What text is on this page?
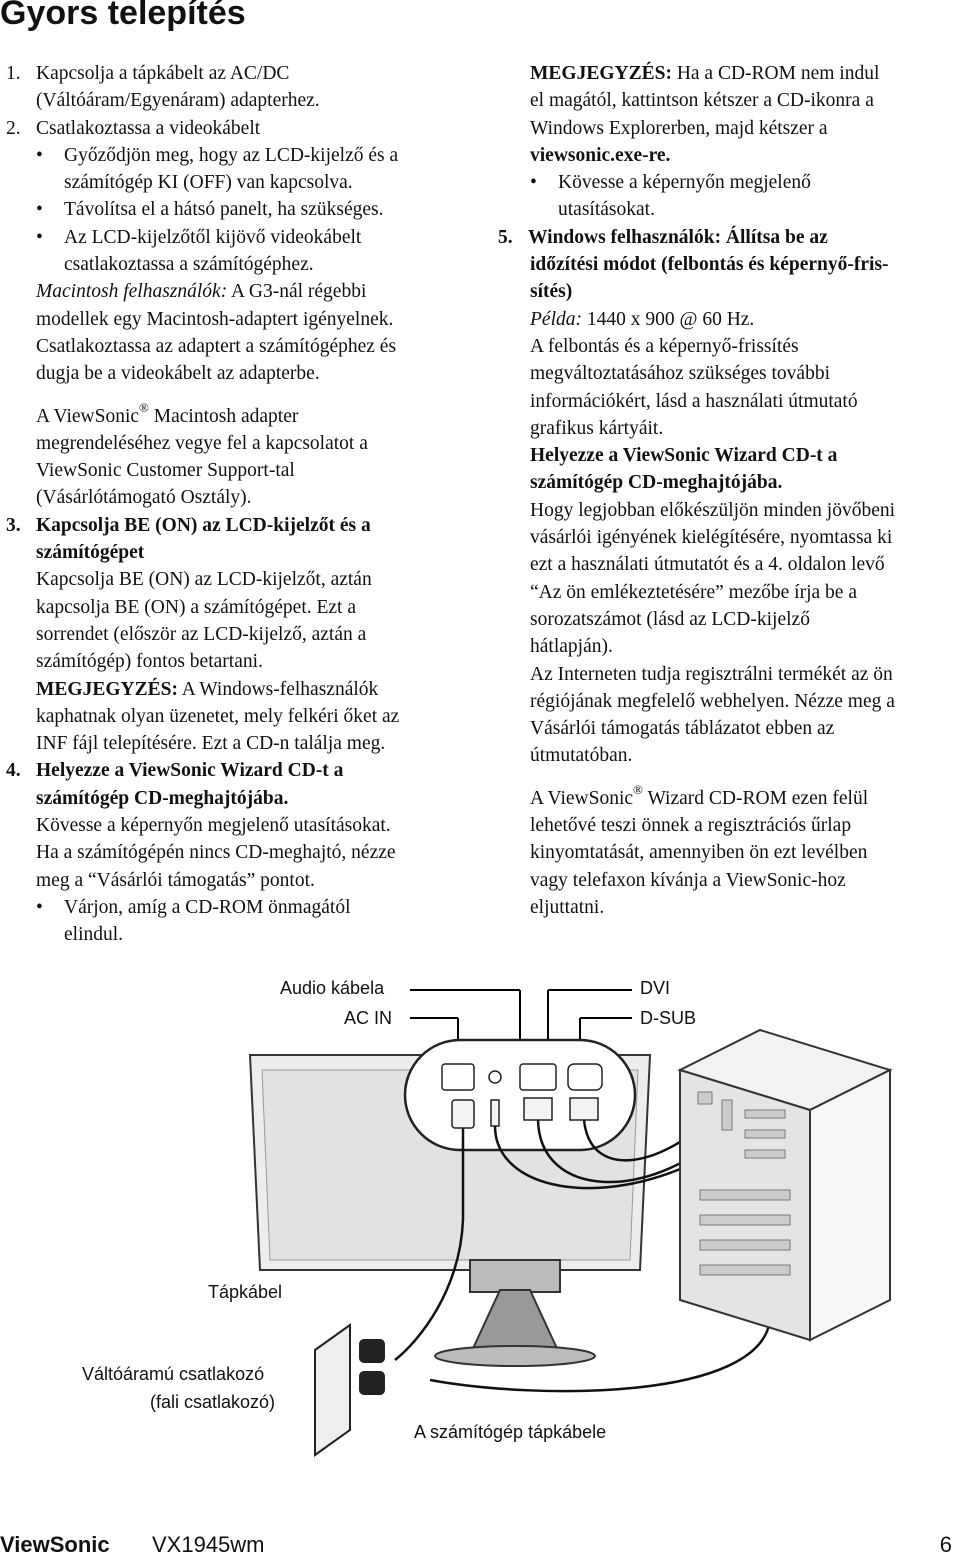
Gyors telepítés

1. Kapcsolja a tápkábelt az AC/DC

(Váltóáram/Egyenáram) adapterhez.

2. Csatlakoztassa a videokábelt

• Győződjön meg, hogy az LCD-kijelző és a
számítógép KI (OFF) van kapcsolva.

• Távolítsa el a hátsó panelt, ha szükséges.

• Az LCD-kijelzőtől kijövő videokábelt
csatlakoztassa a számítógéphez.

Macintosh felhasználók: A G3-nál régebbi
modellek egy Macintosh-adaptert igényelnek.
Csatlakoztassa az adaptert a számítógéphez és
dugja be a videokábelt az adapterbe.

A ViewSonic® Macintosh adapter
megrendeléséhez vegye fel a kapcsolatot a
ViewSonic Customer Support-tal
(Vásárlótámogató Osztály).

3. Kapcsolja BE (ON) az LCD-kijelzőt és a

számítógépet

Kapcsolja BE (ON) az LCD-kijelzőt, aztán
kapcsolja BE (ON) a számítógépet. Ezt a
sorrendet (először az LCD-kijelző, aztán a
számítógép) fontos betartani.

MEGJEGYZÉS: A Windows-felhasználók
kaphatnak olyan üzenetet, mely felkéri őket az
INF fájl telepítésére. Ezt a CD-n találja meg.

4. Helyezze a ViewSonic Wizard CD-t a

számítógép CD-meghajtójába.

Kövesse a képernyőn megjelenő utasításokat.
Ha a számítógépén nincs CD-meghajtó, nézze
meg a “Vásárlói támogatás” pontot.

• Várjon, amíg a CD-ROM önmagától
elindul.

MEGJEGYZÉS: Ha a CD-ROM nem indul
el magától, kattintson kétszer a CD-ikonra a
Windows Explorerben, majd kétszer a
viewsonic.exe-re.

• Kövesse a képernyőn megjelenő
utasításokat.

5. Windows felhasználók: Állítsa be az

időzítési módot (felbontás és képernyő-fris-
sítés)

Példa: 1440 x 900 @ 60 Hz.

A felbontás és a képernyő-frissítés
megváltoztatásához szükséges további
információkért, lásd a használati útmutató
grafikus kártyáit.

Helyezze a ViewSonic Wizard CD-t a
számítógép CD-meghajtójába.

Hogy legjobban előkészüljön minden jövőbeni
vásárlói igényének kielégítésére, nyomtassa ki
ezt a használati útmutatót és a 4. oldalon levő
“Az ön emlékeztetésére” mezőbe írja be a
sorozatszámot (lásd az LCD-kijelző
hátlapján).

Az Interneten tudja regisztrálni termékét az ön
régiójának megfelelő webhelyen. Nézze meg a
Vásárlói támogatás táblázatot ebben az
útmutatóban.

A ViewSonic® Wizard CD-ROM ezen felül
lehetővé teszi önnek a regisztrációs űrlap
kinyomtatását, amennyiben ön ezt levélben
vagy telefaxon kívánja a ViewSonic-hoz
eljuttatni.

Audio kábela
AC IN
DVI
D-SUB
Tápkábel
Váltóáramú csatlakozó
(fali csatlakozó)
A számítógép tápkábele
ViewSonic VX1945wm	6
